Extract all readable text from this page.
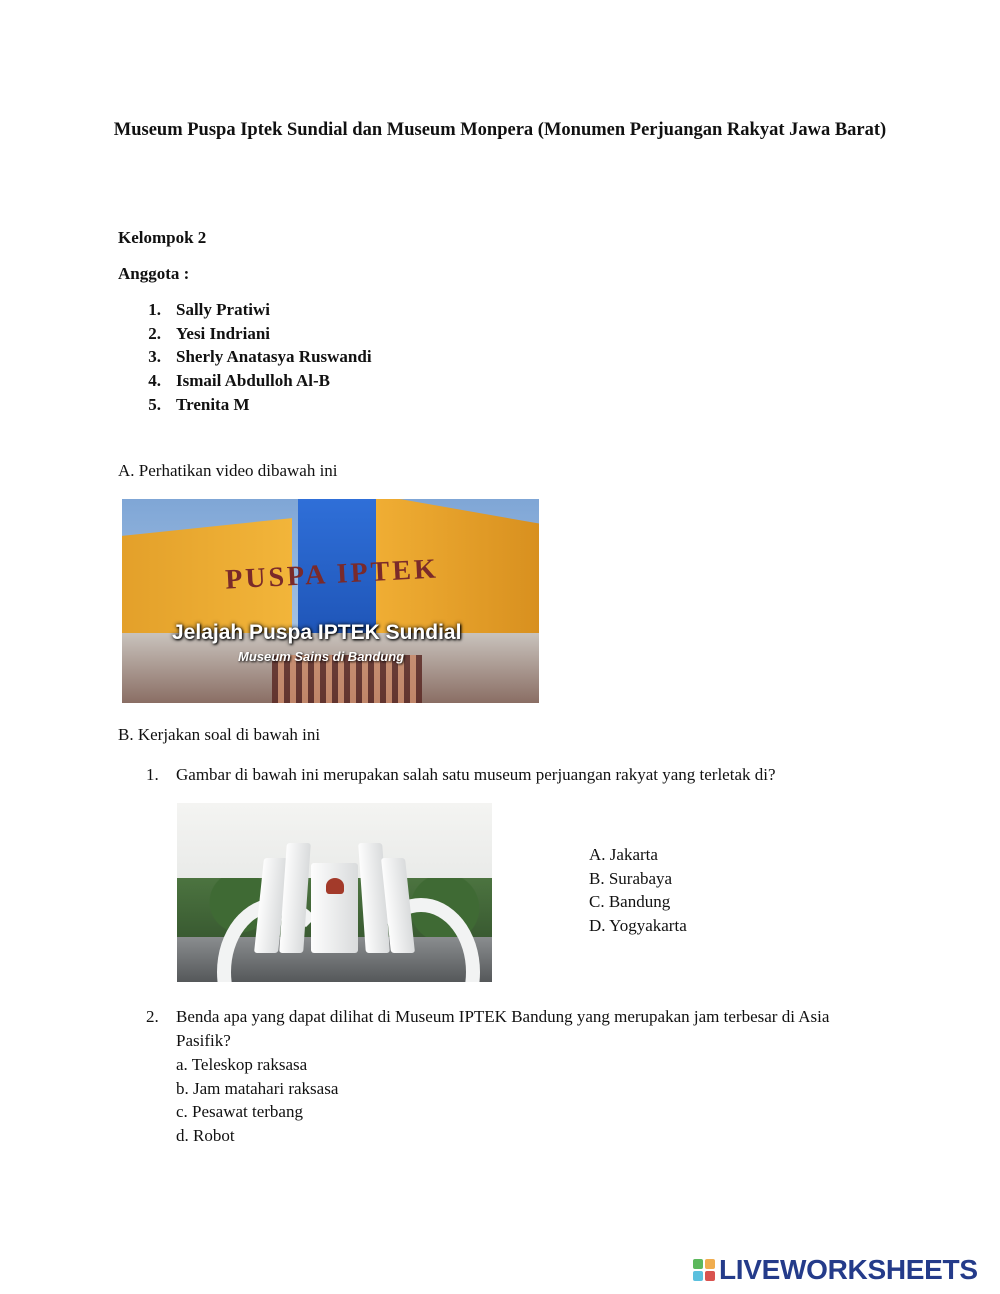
Museum Puspa Iptek Sundial dan Museum Monpera (Monumen Perjuangan Rakyat Jawa Barat)
Kelompok 2
Anggota :
1. Sally Pratiwi
2. Yesi Indriani
3. Sherly Anatasya Ruswandi
4. Ismail Abdulloh Al-B
5. Trenita M
A. Perhatikan video dibawah ini
PUSPA IPTEK
Jelajah Puspa IPTEK Sundial
Museum Sains di Bandung
B. Kerjakan soal di bawah ini
1. Gambar di bawah ini merupakan salah satu museum perjuangan rakyat yang terletak di?
A. Jakarta
B. Surabaya
C. Bandung
D. Yogyakarta
2. Benda apa yang dapat dilihat di Museum IPTEK Bandung yang merupakan jam terbesar di Asia Pasifik?
a. Teleskop raksasa
b. Jam matahari raksasa
c. Pesawat terbang
d. Robot
LIVEWORKSHEETS
